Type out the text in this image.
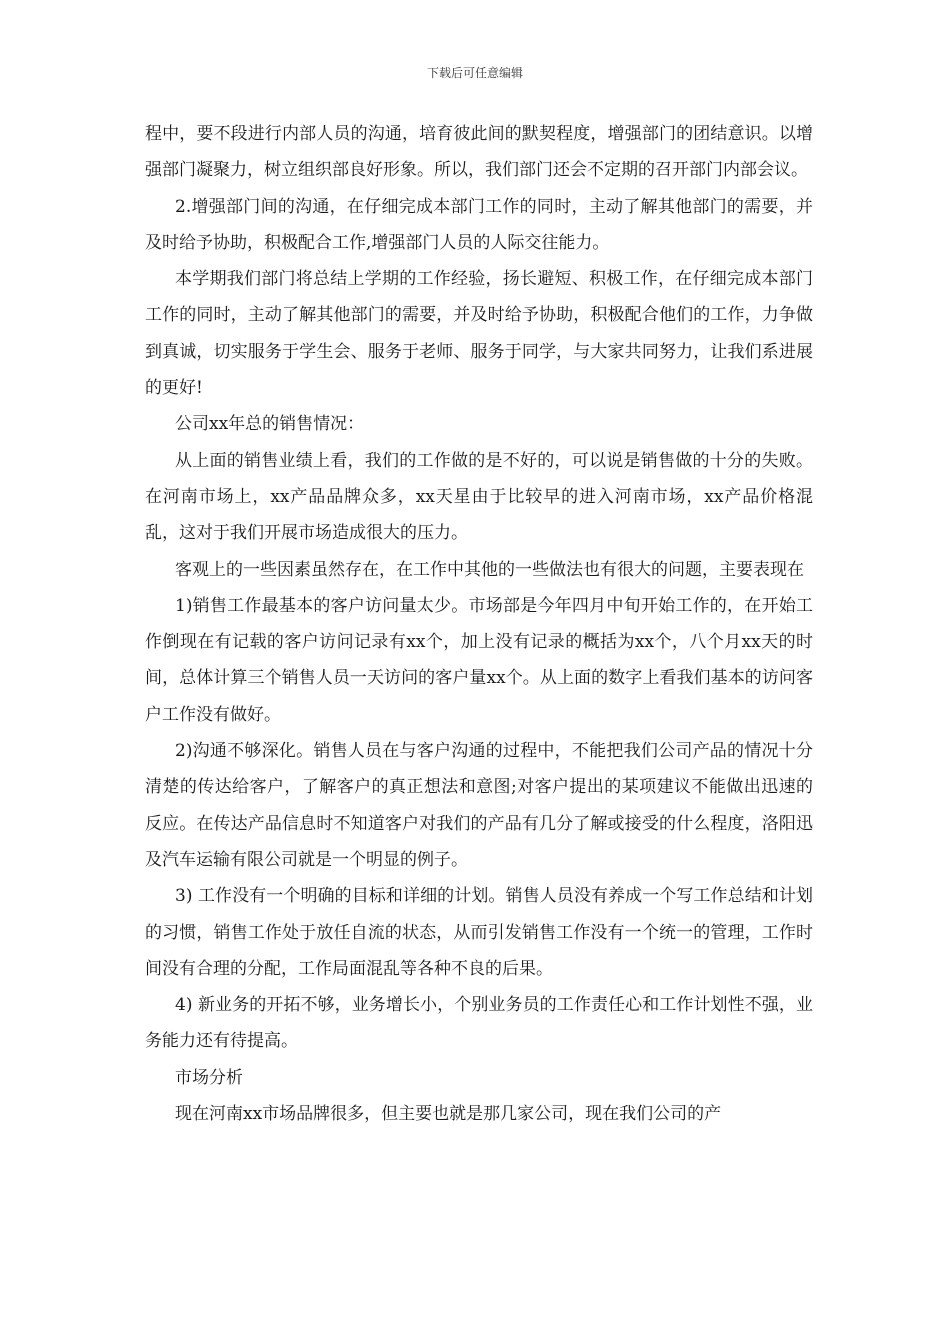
下载后可任意编辑

程中，要不段进行内部人员的沟通，培育彼此间的默契程度，增强部门的团结意识。以增强部门凝聚力，树立组织部良好形象。所以，我们部门还会不定期的召开部门内部会议。

2.增强部门间的沟通，在仔细完成本部门工作的同时，主动了解其他部门的需要，并及时给予协助，积极配合工作,增强部门人员的人际交往能力。

本学期我们部门将总结上学期的工作经验，扬长避短、积极工作，在仔细完成本部门工作的同时，主动了解其他部门的需要，并及时给予协助，积极配合他们的工作，力争做到真诚，切实服务于学生会、服务于老师、服务于同学，与大家共同努力，让我们系进展的更好!

公司xx年总的销售情况：

从上面的销售业绩上看，我们的工作做的是不好的，可以说是销售做的十分的失败。在河南市场上，xx产品品牌众多，xx天星由于比较早的进入河南市场，xx产品价格混乱，这对于我们开展市场造成很大的压力。

客观上的一些因素虽然存在，在工作中其他的一些做法也有很大的问题，主要表现在

1)销售工作最基本的客户访问量太少。市场部是今年四月中旬开始工作的，在开始工作倒现在有记载的客户访问记录有xx个，加上没有记录的概括为xx个，八个月xx天的时间，总体计算三个销售人员一天访问的客户量xx个。从上面的数字上看我们基本的访问客户工作没有做好。

2)沟通不够深化。销售人员在与客户沟通的过程中，不能把我们公司产品的情况十分清楚的传达给客户，了解客户的真正想法和意图;对客户提出的某项建议不能做出迅速的反应。在传达产品信息时不知道客户对我们的产品有几分了解或接受的什么程度，洛阳迅及汽车运输有限公司就是一个明显的例子。

3) 工作没有一个明确的目标和详细的计划。销售人员没有养成一个写工作总结和计划的习惯，销售工作处于放任自流的状态，从而引发销售工作没有一个统一的管理，工作时间没有合理的分配，工作局面混乱等各种不良的后果。

4) 新业务的开拓不够，业务增长小，个别业务员的工作责任心和工作计划性不强，业务能力还有待提高。

市场分析

现在河南xx市场品牌很多，但主要也就是那几家公司，现在我们公司的产
